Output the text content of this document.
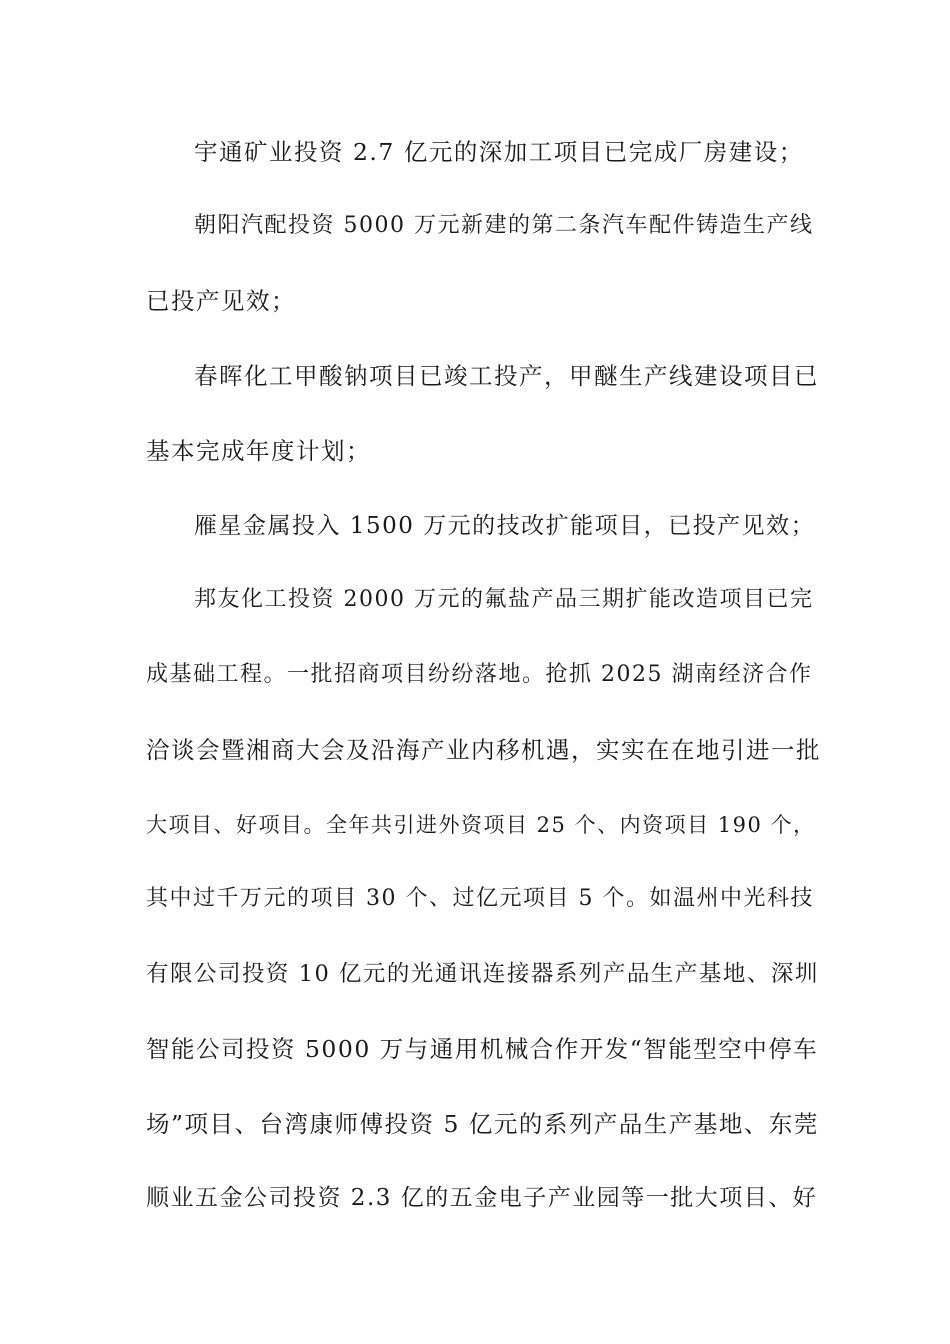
宇通矿业投资 2.7 亿元的深加工项目已完成厂房建设；
朝阳汽配投资 5000 万元新建的第二条汽车配件铸造生产线
已投产见效；
春晖化工甲酸钠项目已竣工投产，甲醚生产线建设项目已
基本完成年度计划；
雁星金属投入 1500 万元的技改扩能项目，已投产见效；
邦友化工投资 2000 万元的氟盐产品三期扩能改造项目已完
成基础工程。一批招商项目纷纷落地。抢抓 2025 湖南经济合作
洽谈会暨湘商大会及沿海产业内移机遇，实实在在地引进一批
大项目、好项目。全年共引进外资项目 25 个、内资项目 190 个，
其中过千万元的项目 30 个、过亿元项目 5 个。如温州中光科技
有限公司投资 10 亿元的光通讯连接器系列产品生产基地、深圳
智能公司投资 5000 万与通用机械合作开发“智能型空中停车
场”项目、台湾康师傅投资 5 亿元的系列产品生产基地、东莞
顺业五金公司投资 2.3 亿的五金电子产业园等一批大项目、好
